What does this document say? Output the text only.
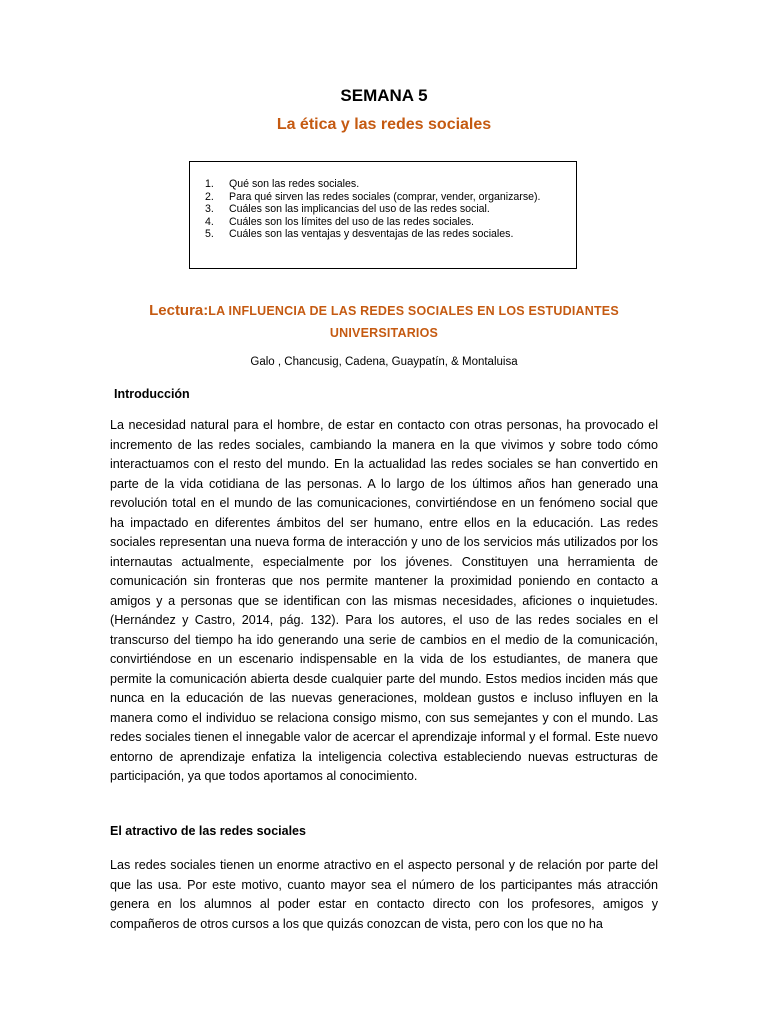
SEMANA 5
La ética y las redes sociales
1. Qué son las redes sociales.
2. Para qué sirven las redes sociales (comprar, vender, organizarse).
3. Cuáles son las implicancias del uso de las redes social.
4. Cuáles son los límites del uso de las redes sociales.
5. Cuáles son las ventajas y desventajas de las redes sociales.
Lectura:LA INFLUENCIA DE LAS REDES SOCIALES EN LOS ESTUDIANTES UNIVERSITARIOS
Galo , Chancusig, Cadena, Guaypatín, & Montaluisa
Introducción

La necesidad natural para el hombre, de estar en contacto con otras personas, ha provocado el incremento de las redes sociales, cambiando la manera en la que vivimos y sobre todo cómo interactuamos con el resto del mundo. En la actualidad las redes sociales se han convertido en parte de la vida cotidiana de las personas. A lo largo de los últimos años han generado una revolución total en el mundo de las comunicaciones, convirtiéndose en un fenómeno social que ha impactado en diferentes ámbitos del ser humano, entre ellos en la educación. Las redes sociales representan una nueva forma de interacción y uno de los servicios más utilizados por los internautas actualmente, especialmente por los jóvenes. Constituyen una herramienta de comunicación sin fronteras que nos permite mantener la proximidad poniendo en contacto a amigos y a personas que se identifican con las mismas necesidades, aficiones o inquietudes. (Hernández y Castro, 2014, pág. 132). Para los autores, el uso de las redes sociales en el transcurso del tiempo ha ido generando una serie de cambios en el medio de la comunicación, convirtiéndose en un escenario indispensable en la vida de los estudiantes, de manera que permite la comunicación abierta desde cualquier parte del mundo. Estos medios inciden más que nunca en la educación de las nuevas generaciones, moldean gustos e incluso influyen en la manera como el individuo se relaciona consigo mismo, con sus semejantes y con el mundo. Las redes sociales tienen el innegable valor de acercar el aprendizaje informal y el formal. Este nuevo entorno de aprendizaje enfatiza la inteligencia colectiva estableciendo nuevas estructuras de participación, ya que todos aportamos al conocimiento.

El atractivo de las redes sociales

Las redes sociales tienen un enorme atractivo en el aspecto personal y de relación por parte del que las usa. Por este motivo, cuanto mayor sea el número de los participantes más atracción genera en los alumnos al poder estar en contacto directo con los profesores, amigos y compañeros de otros cursos a los que quizás conozcan de vista, pero con los que no ha
